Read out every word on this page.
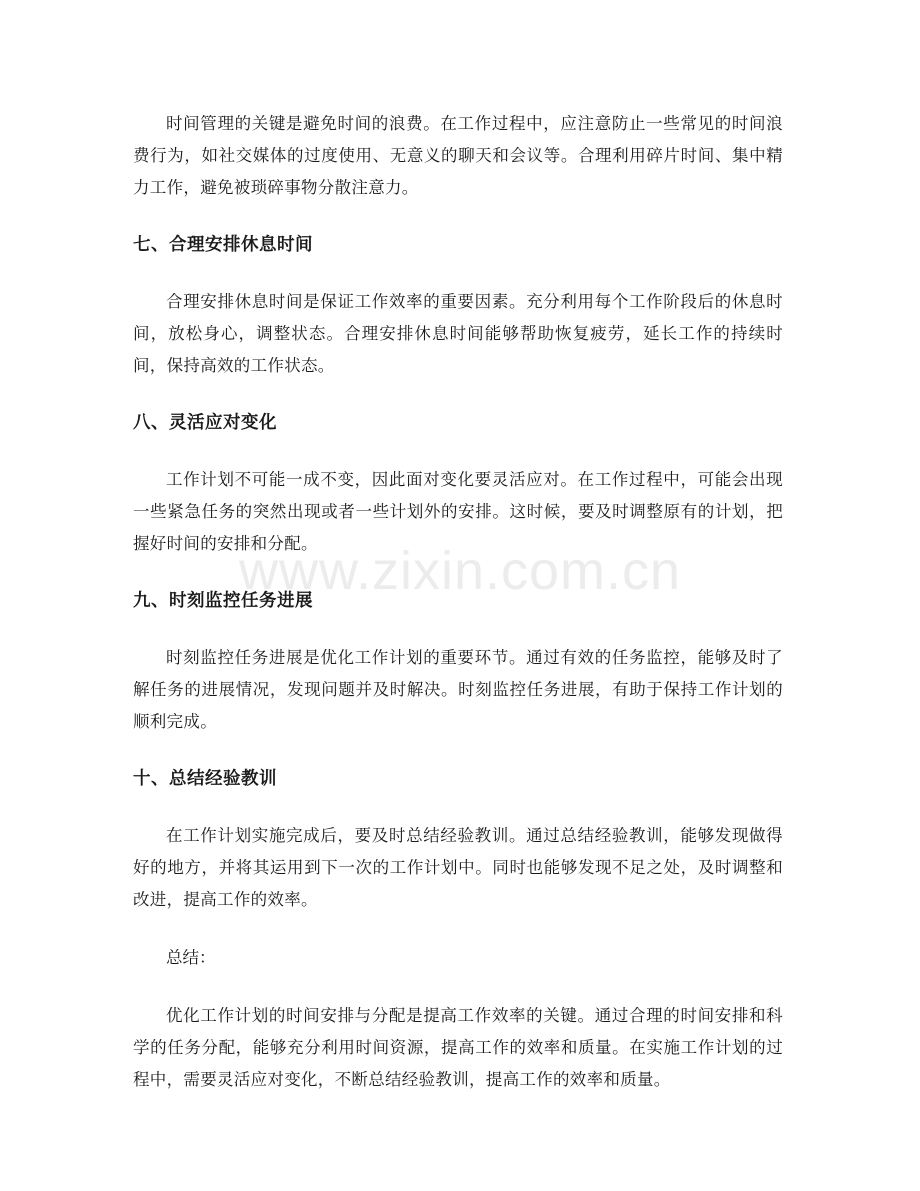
时间管理的关键是避免时间的浪费。在工作过程中，应注意防止一些常见的时间浪费行为，如社交媒体的过度使用、无意义的聊天和会议等。合理利用碎片时间、集中精力工作，避免被琐碎事物分散注意力。

七、合理安排休息时间

合理安排休息时间是保证工作效率的重要因素。充分利用每个工作阶段后的休息时间，放松身心，调整状态。合理安排休息时间能够帮助恢复疲劳，延长工作的持续时间，保持高效的工作状态。

八、灵活应对变化

工作计划不可能一成不变，因此面对变化要灵活应对。在工作过程中，可能会出现一些紧急任务的突然出现或者一些计划外的安排。这时候，要及时调整原有的计划，把握好时间的安排和分配。

九、时刻监控任务进展

时刻监控任务进展是优化工作计划的重要环节。通过有效的任务监控，能够及时了解任务的进展情况，发现问题并及时解决。时刻监控任务进展，有助于保持工作计划的顺利完成。

十、总结经验教训

在工作计划实施完成后，要及时总结经验教训。通过总结经验教训，能够发现做得好的地方，并将其运用到下一次的工作计划中。同时也能够发现不足之处，及时调整和改进，提高工作的效率。

总结：

优化工作计划的时间安排与分配是提高工作效率的关键。通过合理的时间安排和科学的任务分配，能够充分利用时间资源，提高工作的效率和质量。在实施工作计划的过程中，需要灵活应对变化，不断总结经验教训，提高工作的效率和质量。

www.zixin.com.cn
